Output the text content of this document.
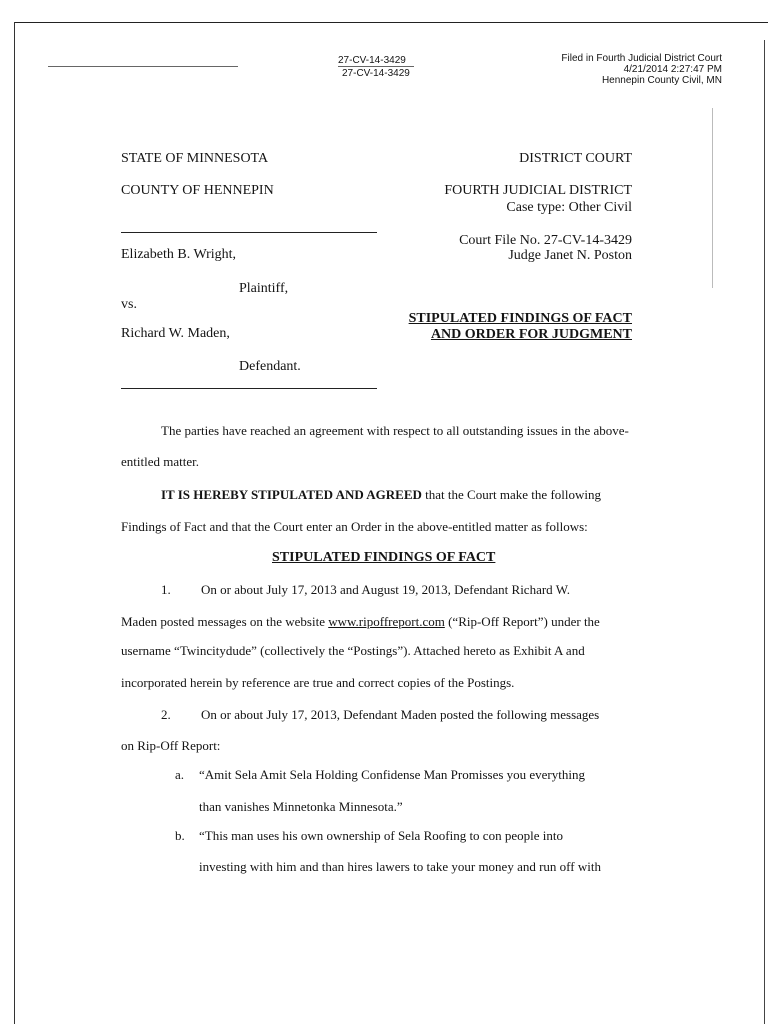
27-CV-14-3429
27-CV-14-3429
Filed in Fourth Judicial District Court
4/21/2014 2:27:47 PM
Hennepin County Civil, MN
STATE OF MINNESOTA
COUNTY OF HENNEPIN
DISTRICT COURT
FOURTH JUDICIAL DISTRICT
Case type: Other Civil
Court File No. 27-CV-14-3429
Judge Janet N. Poston
Elizabeth B. Wright,
Plaintiff,
vs.
Richard W. Maden,
Defendant.
STIPULATED FINDINGS OF FACT
AND ORDER FOR JUDGMENT
The parties have reached an agreement with respect to all outstanding issues in the above-
entitled matter.
IT IS HEREBY STIPULATED AND AGREED that the Court make the following
Findings of Fact and that the Court enter an Order in the above-entitled matter as follows:
STIPULATED FINDINGS OF FACT
1. On or about July 17, 2013 and August 19, 2013, Defendant Richard W.
Maden posted messages on the website www.ripoffreport.com (“Rip-Off Report”) under the
username “Twincitydude” (collectively the “Postings”). Attached hereto as Exhibit A and
incorporated herein by reference are true and correct copies of the Postings.
2. On or about July 17, 2013, Defendant Maden posted the following messages
on Rip-Off Report:
a. “Amit Sela Amit Sela Holding Confidense Man Promisses you everything
than vanishes Minnetonka Minnesota.”
b. “This man uses his own ownership of Sela Roofing to con people into
investing with him and than hires lawers to take your money and run off with
